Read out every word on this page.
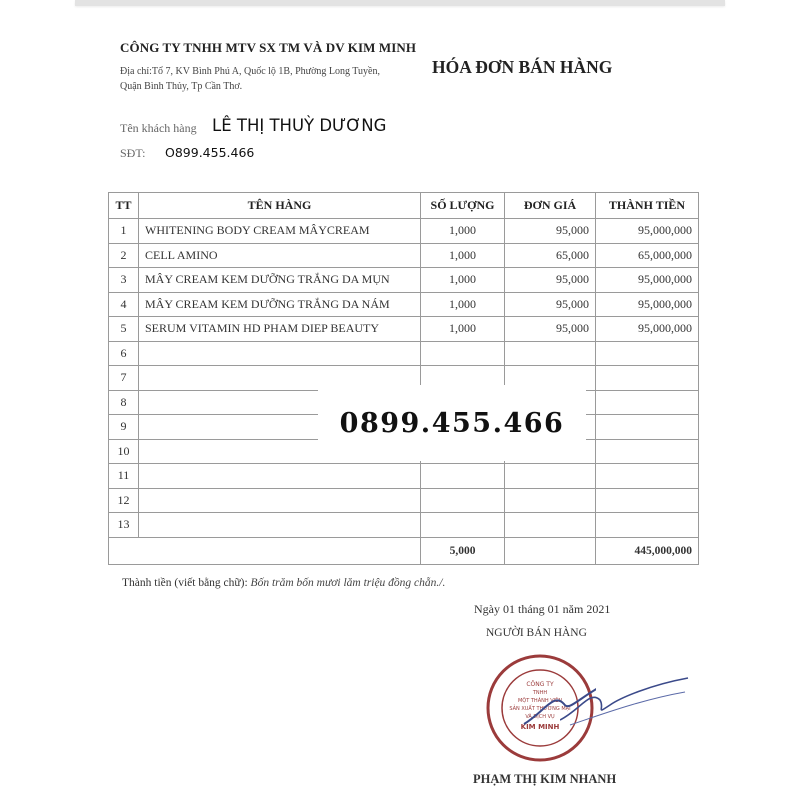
CÔNG TY TNHH MTV SX TM VÀ DV KIM MINH
Địa chỉ:Tổ 7, KV Bình Phú A, Quốc lộ 1B, Phường Long Tuyền,
Quận Bình Thủy, Tp Cần Thơ.
HÓA ĐƠN BÁN HÀNG
Tên khách hàng LÊ THỊ THUỲ DƯƠNG
SĐT: O899.455.466
TT	TÊN HÀNG	SỐ LƯỢNG	ĐƠN GIÁ	THÀNH TIỀN
1	WHITENING BODY CREAM MÂYCREAM	1,000	95,000	95,000,000
2	CELL AMINO	1,000	65,000	65,000,000
3	MÂY CREAM KEM DƯỠNG TRẮNG DA MỤN	1,000	95,000	95,000,000
4	MÂY CREAM KEM DƯỠNG TRẮNG DA NÁM	1,000	95,000	95,000,000
5	SERUM VITAMIN HD PHAM DIEP BEAUTY	1,000	95,000	95,000,000
6				
7				
8				
9				
10				
11				
12				
13				
		5,000		445,000,000
0899.455.466
Thành tiền (viết bằng chữ): Bốn trăm bốn mươi lăm triệu đồng chẵn./.
Ngày 01 tháng 01 năm 2021
NGƯỜI BÁN HÀNG
CÔNG TY
TNHH
MỘT THÀNH VIÊN
SẢN XUẤT THƯƠNG MẠI
VÀ DỊCH VỤ
KIM MINH
PHẠM THỊ KIM NHANH
